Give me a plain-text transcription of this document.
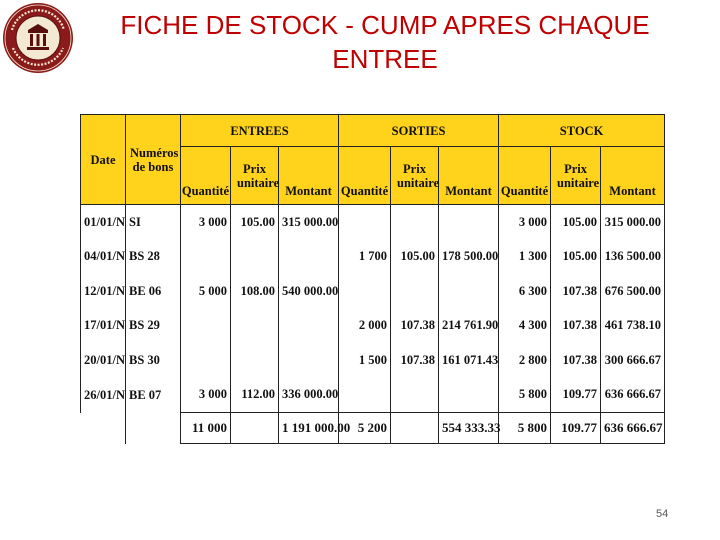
FICHE DE STOCK - CUMP APRES CHAQUE
ENTREE
Date	Numéros de bons	ENTREES			SORTIES			STOCK		
		Quantité	Prix unitaire	Montant	Quantité	Prix unitaire	Montant	Quantité	Prix unitaire	Montant
01/01/N	SI	3 000	105.00	315 000.00				3 000	105.00	315 000.00
04/01/N	BS 28				1 700	105.00	178 500.00	1 300	105.00	136 500.00
12/01/N	BE 06	5 000	108.00	540 000.00				6 300	107.38	676 500.00
17/01/N	BS 29				2 000	107.38	214 761.90	4 300	107.38	461 738.10
20/01/N	BS 30				1 500	107.38	161 071.43	2 800	107.38	300 666.67
26/01/N	BE 07	3 000	112.00	336 000.00				5 800	109.77	636 666.67
		11 000		1 191 000.00	5 200		554 333.33	5 800	109.77	636 666.67
54
